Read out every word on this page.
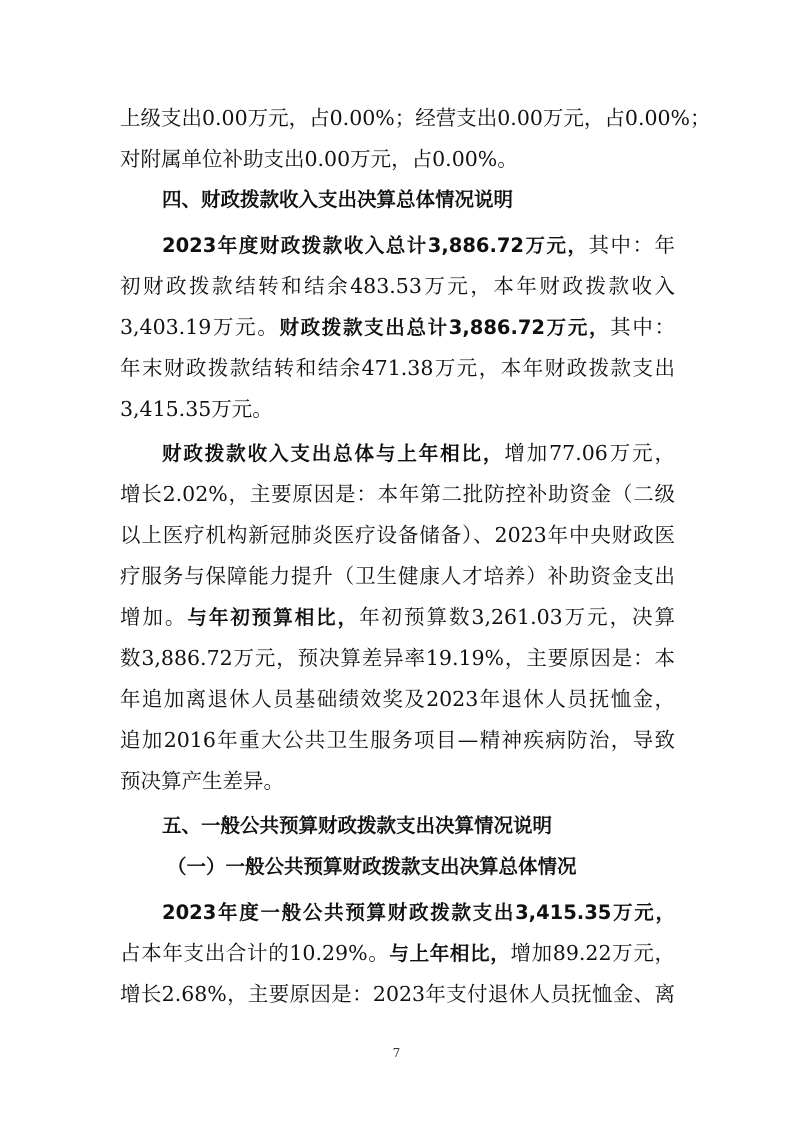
上级支出0.00万元，占0.00%；经营支出0.00万元，占0.00%；
对附属单位补助支出0.00万元，占0.00%。
四、财政拨款收入支出决算总体情况说明
2023年度财政拨款收入总计3,886.72万元，其中：年
初财政拨款结转和结余483.53万元，本年财政拨款收入
3,403.19万元。财政拨款支出总计3,886.72万元，其中：
年末财政拨款结转和结余471.38万元，本年财政拨款支出
3,415.35万元。
财政拨款收入支出总体与上年相比，增加77.06万元，
增长2.02%，主要原因是：本年第二批防控补助资金（二级
以上医疗机构新冠肺炎医疗设备储备）、2023年中央财政医
疗服务与保障能力提升（卫生健康人才培养）补助资金支出
增加。与年初预算相比，年初预算数3,261.03万元，决算
数3,886.72万元，预决算差异率19.19%，主要原因是：本
年追加离退休人员基础绩效奖及2023年退休人员抚恤金，
追加2016年重大公共卫生服务项目—精神疾病防治，导致
预决算产生差异。
五、一般公共预算财政拨款支出决算情况说明
（一）一般公共预算财政拨款支出决算总体情况
2023年度一般公共预算财政拨款支出3,415.35万元，
占本年支出合计的10.29%。与上年相比，增加89.22万元，
增长2.68%，主要原因是：2023年支付退休人员抚恤金、离
7
